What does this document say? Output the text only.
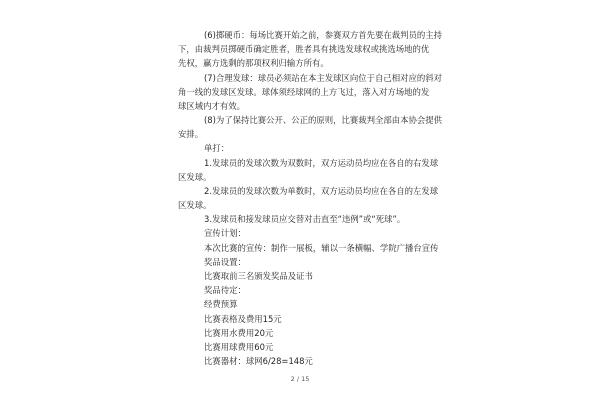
(6)掷硬币：每场比赛开始之前，参赛双方首先要在裁判员的主持
下，由裁判员掷硬币确定胜者，胜者具有挑选发球权或挑选场地的优
先权，赢方选剩的那项权利归输方所有。
(7)合理发球：球员必须站在本主发球区向位于自己相对应的斜对
角一线的发球区发球。球体须经球网的上方飞过，落入对方场地的发
球区域内才有效。
(8)为了保持比赛公开、公正的原则，比赛裁判全部由本协会提供
安排。
单打：
1.发球员的发球次数为双数时，双方运动员均应在各自的右发球
区发球。
2.发球员的发球次数为单数时，双方运动员均应在各自的左发球
区发球。
3.发球员和接发球员应交替对击直至“违例”或“死球”。
宣传计划：
本次比赛的宣传：制作一展板，辅以一条横幅、学院广播台宣传
奖品设置：
比赛取前三名颁发奖品及证书
奖品待定：
经费预算
比赛表格及费用15元
比赛用水费用20元
比赛用球费用60元
比赛器材：球网6/28=148元
2 / 15
